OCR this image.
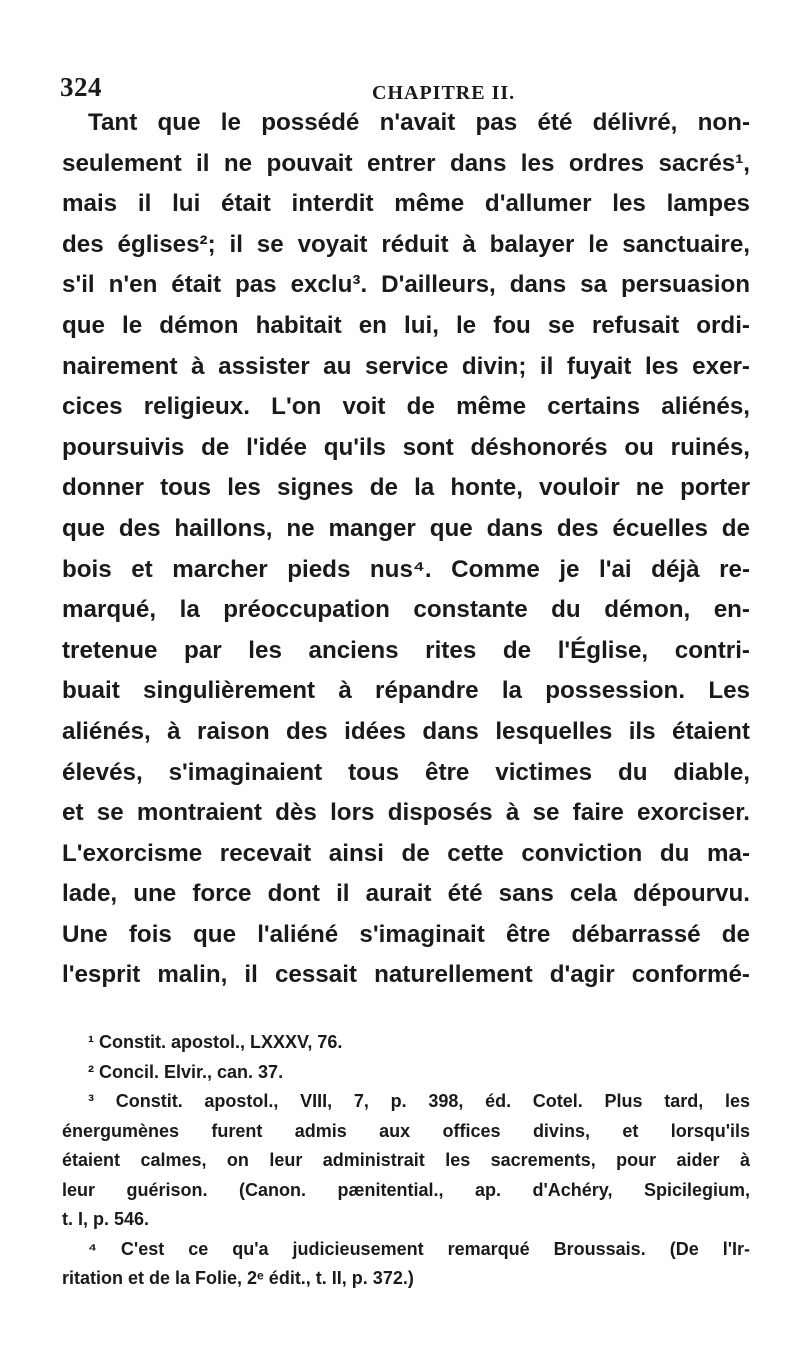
324	CHAPITRE II.
Tant que le possédé n'avait pas été délivré, non-
seulement il ne pouvait entrer dans les ordres sacrés¹,
mais il lui était interdit même d'allumer les lampes
des églises²; il se voyait réduit à balayer le sanctuaire,
s'il n'en était pas exclu³. D'ailleurs, dans sa persuasion
que le démon habitait en lui, le fou se refusait ordi-
nairement à assister au service divin; il fuyait les exer-
cices religieux. L'on voit de même certains aliénés,
poursuivis de l'idée qu'ils sont déshonorés ou ruinés,
donner tous les signes de la honte, vouloir ne porter
que des haillons, ne manger que dans des écuelles de
bois et marcher pieds nus⁴. Comme je l'ai déjà re-
marqué, la préoccupation constante du démon, en-
tretenue par les anciens rites de l'Église, contri-
buait singulièrement à répandre la possession. Les
aliénés, à raison des idées dans lesquelles ils étaient
élevés, s'imaginaient tous être victimes du diable,
et se montraient dès lors disposés à se faire exorciser.
L'exorcisme recevait ainsi de cette conviction du ma-
lade, une force dont il aurait été sans cela dépourvu.
Une fois que l'aliéné s'imaginait être débarrassé de
l'esprit malin, il cessait naturellement d'agir conformé-
¹ Constit. apostol., LXXXV, 76.
² Concil. Elvir., can. 37.
³ Constit. apostol., VIII, 7, p. 398, éd. Cotel. Plus tard, les
énergumènes furent admis aux offices divins, et lorsqu'ils
étaient calmes, on leur administrait les sacrements, pour aider à
leur guérison. (Canon. pænitential., ap. d'Achéry, Spicilegium,
t. I, p. 546.
⁴ C'est ce qu'a judicieusement remarqué Broussais. (De l'Ir-
ritation et de la Folie, 2ᵉ édit., t. II, p. 372.)
